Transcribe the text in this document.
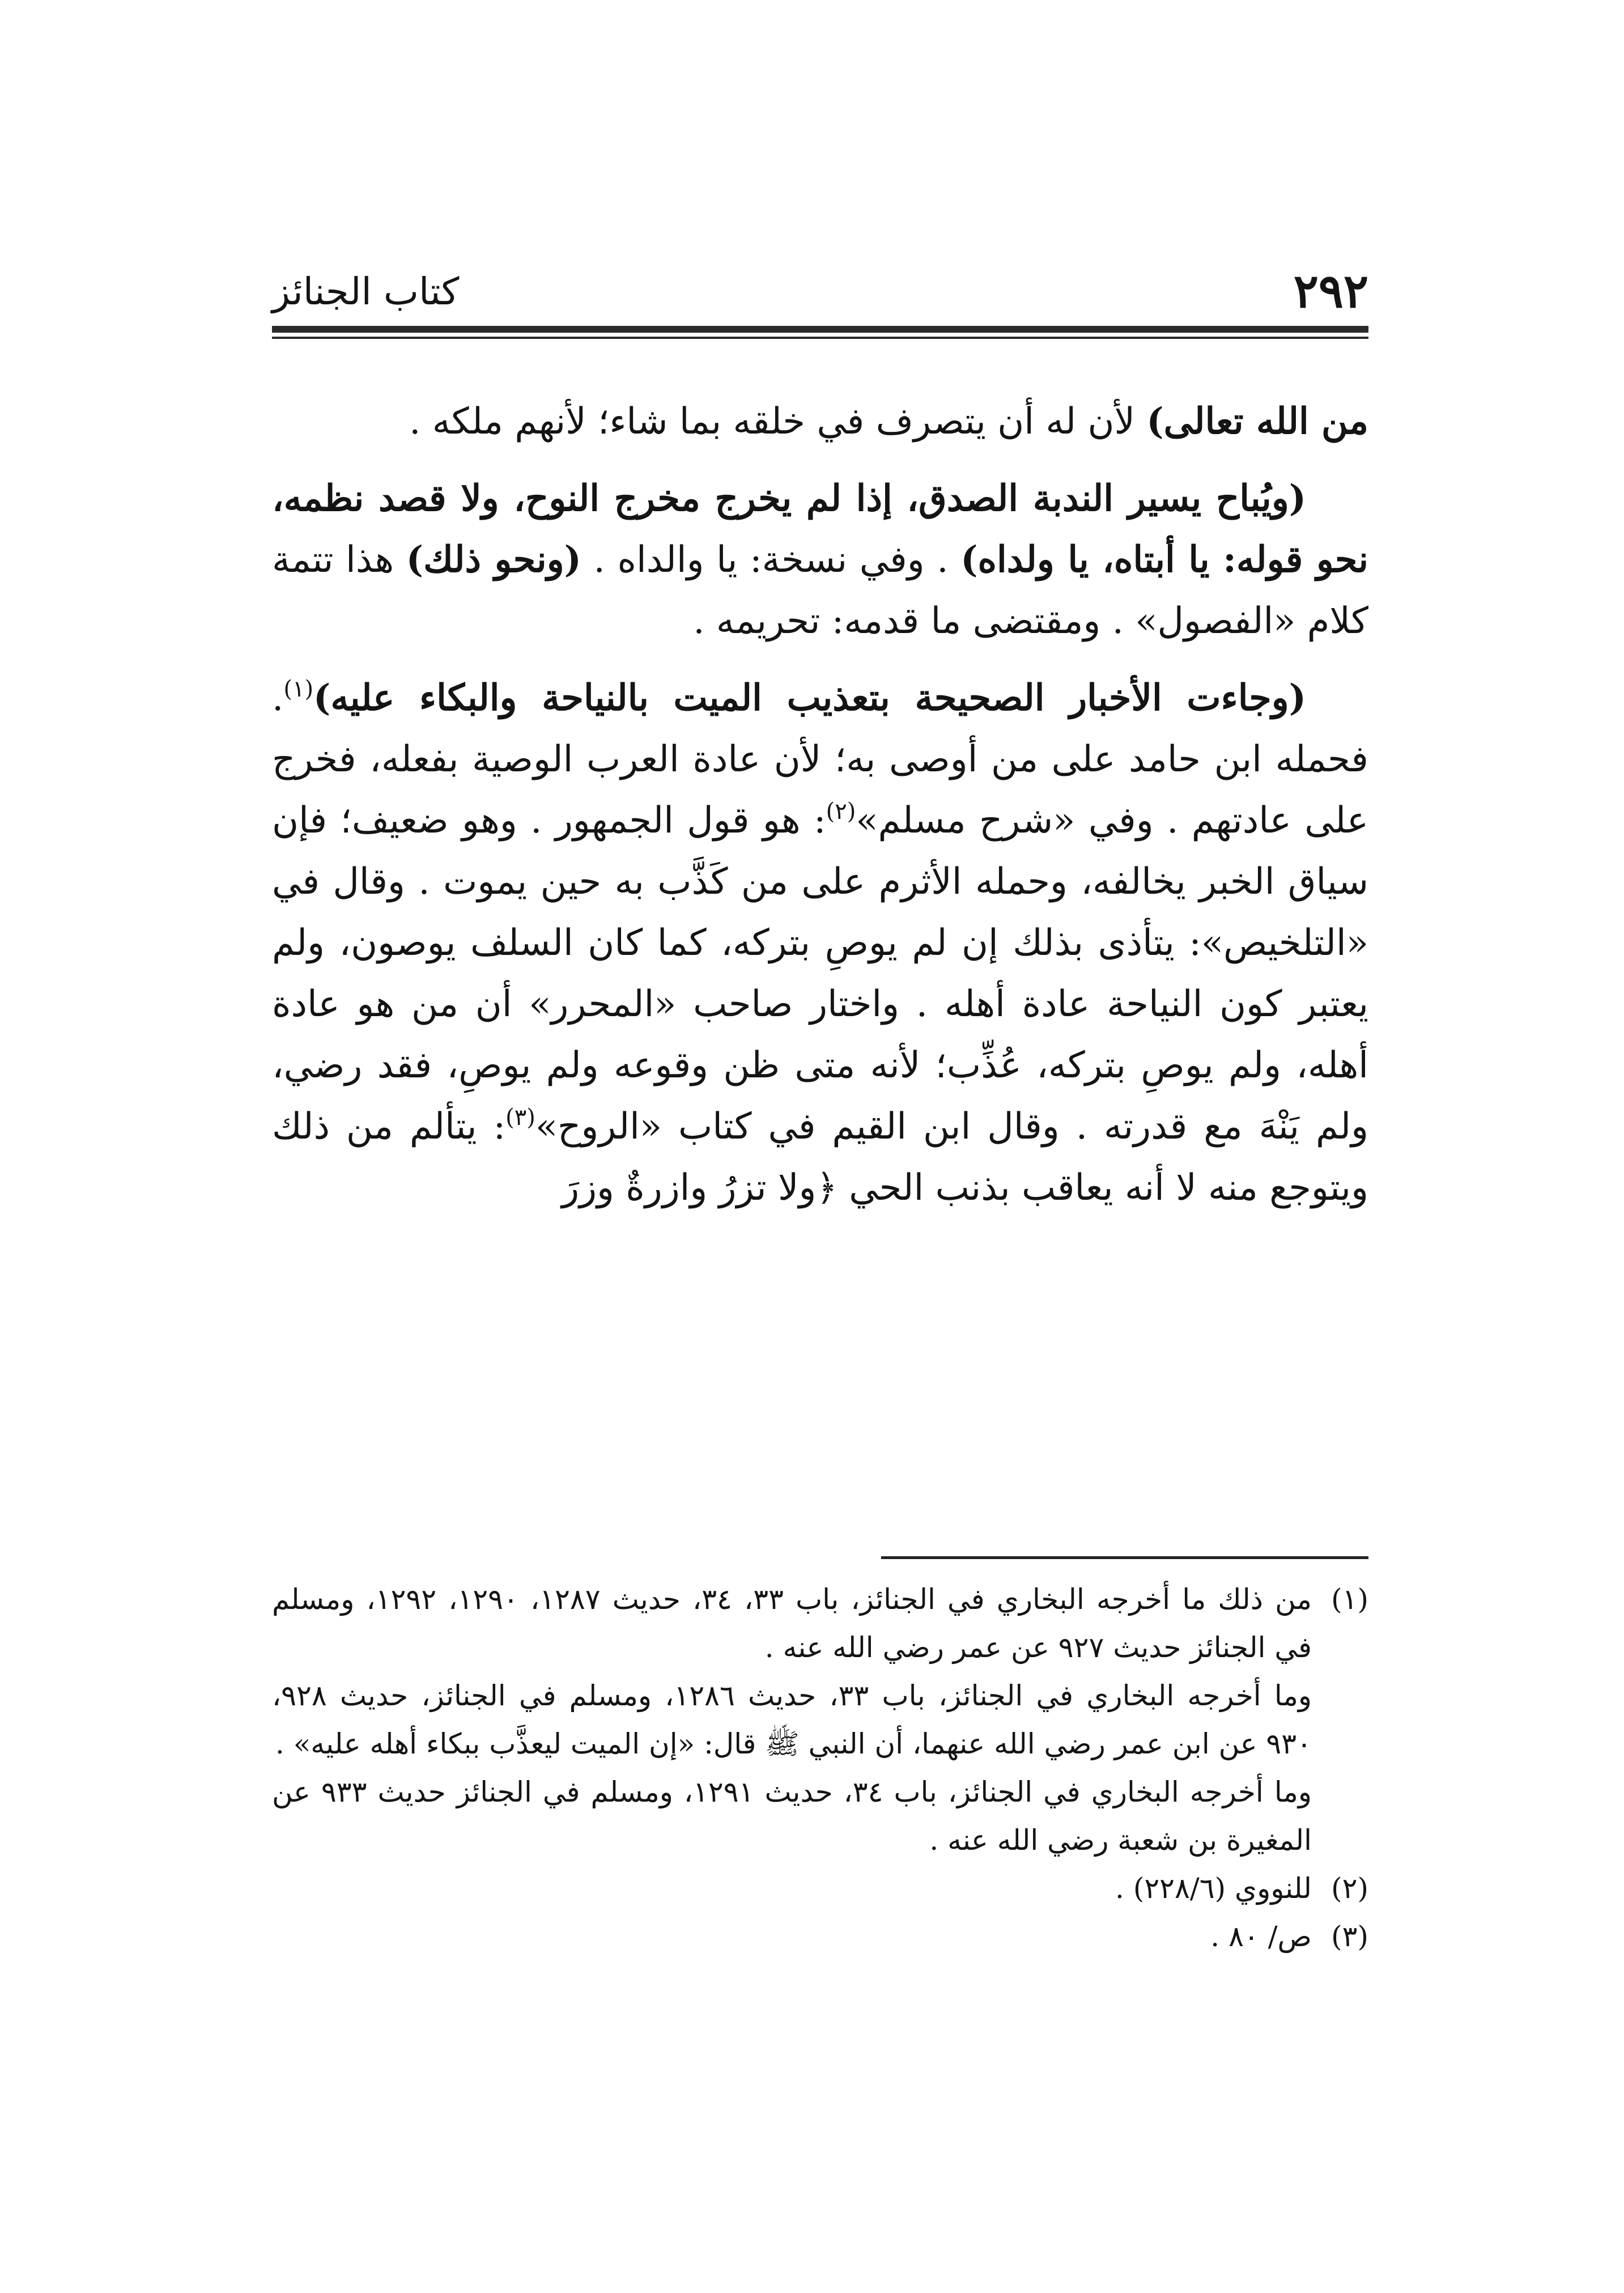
كتاب الجنائز	٢٩٢

من الله تعالى) لأن له أن يتصرف في خلقه بما شاء؛ لأنهم ملكه .

(ويُباح يسير الندبة الصدق، إذا لم يخرج مخرج النوح، ولا قصد نظمه، نحو قوله: يا أبتاه، يا ولداه) . وفي نسخة: يا والداه . (ونحو ذلك) هذا تتمة كلام «الفصول» . ومقتضى ما قدمه: تحريمه .

(وجاءت الأخبار الصحيحة بتعذيب الميت بالنياحة والبكاء عليه)$^{(١)}$. فحمله ابن حامد على من أوصى به؛ لأن عادة العرب الوصية بفعله، فخرج على عادتهم . وفي «شرح مسلم»$^{(٢)}$: هو قول الجمهور . وهو ضعيف؛ فإن سياق الخبر يخالفه، وحمله الأثرم على من كَذَّب به حين يموت . وقال في «التلخيص»: يتأذى بذلك إن لم يوصِ بتركه، كما كان السلف يوصون، ولم يعتبر كون النياحة عادة أهله . واختار صاحب «المحرر» أن من هو عادة أهله، ولم يوصِ بتركه، عُذِّب؛ لأنه متى ظن وقوعه ولم يوصِ، فقد رضي، ولم يَنْهَ مع قدرته . وقال ابن القيم في كتاب «الروح»$^{(٣)}$: يتألم من ذلك ويتوجع منه لا أنه يعاقب بذنب الحي ﴿ولا تزرُ وازرةٌ وزرَ

(١)

من ذلك ما أخرجه البخاري في الجنائز، باب ٣٣، ٣٤، حديث ١٢٨٧، ١٢٩٠، ١٢٩٢، ومسلم في الجنائز حديث ٩٢٧ عن عمر رضي الله عنه .

وما أخرجه البخاري في الجنائز، باب ٣٣، حديث ١٢٨٦، ومسلم في الجنائز، حديث ٩٢٨، ٩٣٠ عن ابن عمر رضي الله عنهما، أن النبي ﷺ قال: «إن الميت ليعذَّب ببكاء أهله عليه» .

وما أخرجه البخاري في الجنائز، باب ٣٤، حديث ١٢٩١، ومسلم في الجنائز حديث ٩٣٣ عن المغيرة بن شعبة رضي الله عنه .

(٢)

للنووي (٢٢٨/٦) .

(٣)

ص/ ٨٠ .
